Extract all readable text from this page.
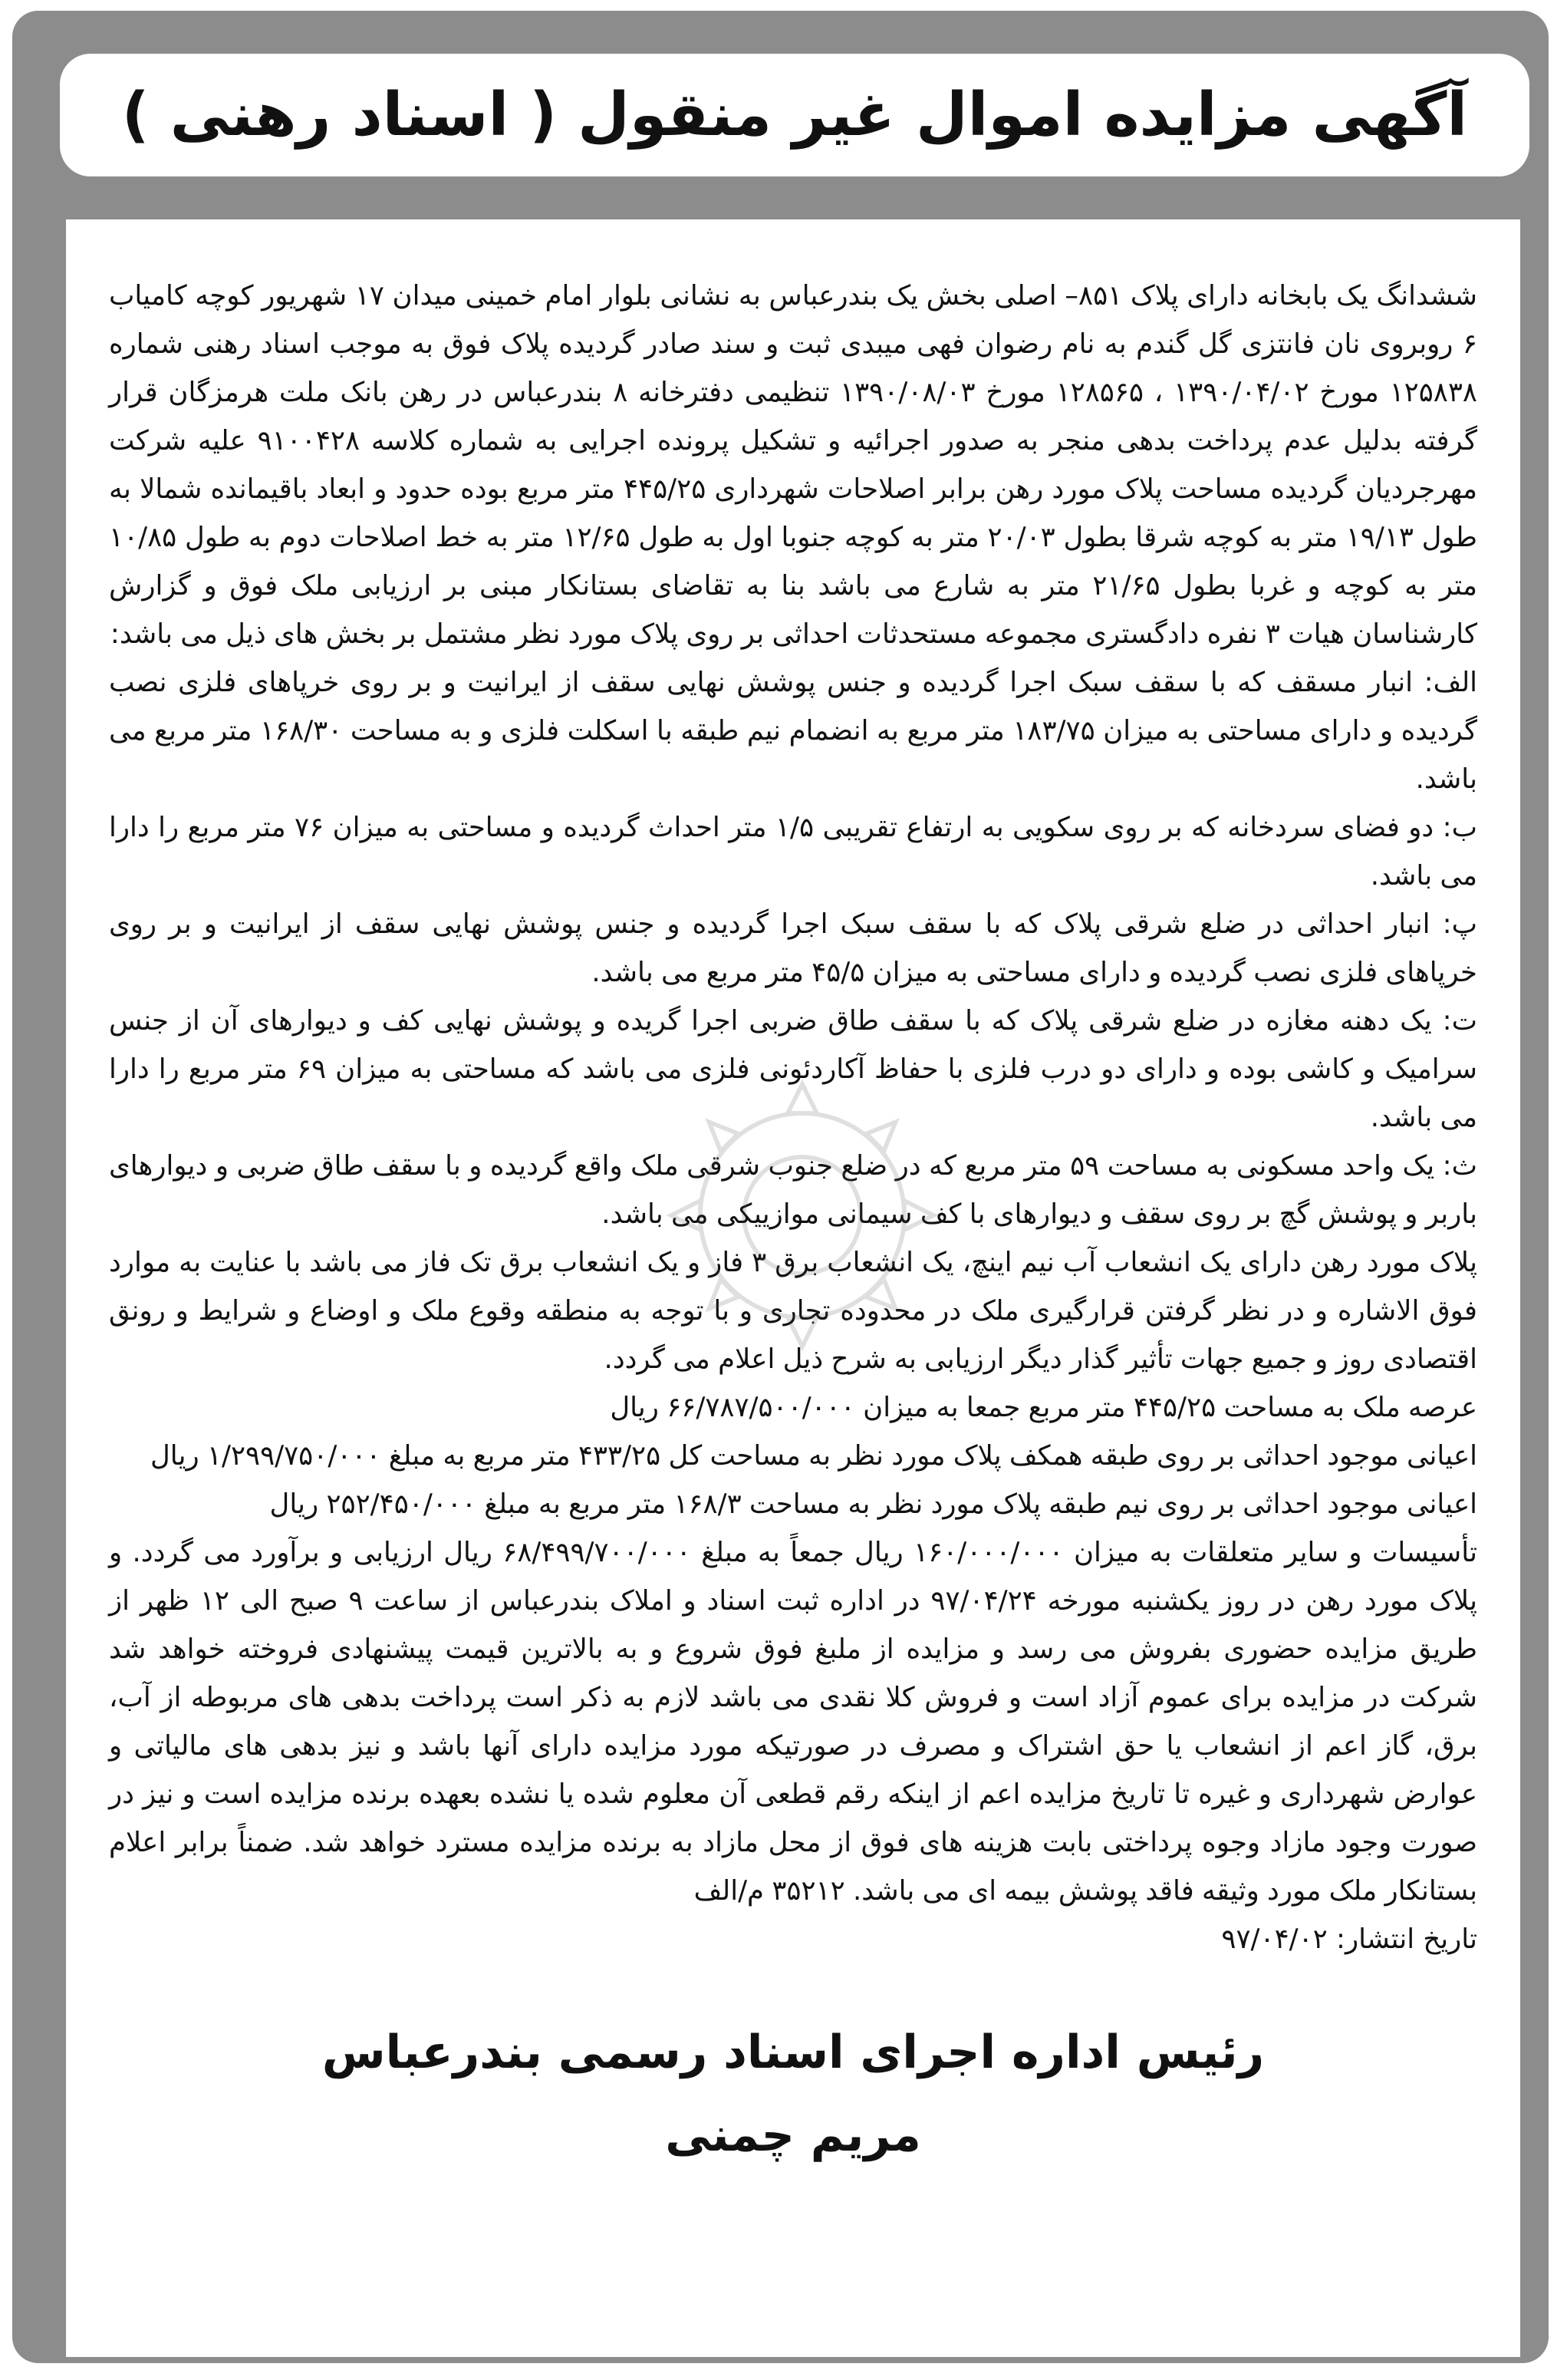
آگهی مزایده اموال غیر منقول ( اسناد رهنی )

ششدانگ یک بابخانه دارای پلاک ۸۵۱– اصلی بخش یک بندرعباس به نشانی بلوار امام خمینی میدان ۱۷ شهریور کوچه کامیاب ۶ روبروی نان فانتزی گل گندم به نام رضوان فهی میبدی ثبت و سند صادر گردیده پلاک فوق به موجب اسناد رهنی شماره ۱۲۵۸۳۸ مورخ ۱۳۹۰/۰۴/۰۲ ، ۱۲۸۵۶۵ مورخ ۱۳۹۰/۰۸/۰۳ تنظیمی دفترخانه ۸ بندرعباس در رهن بانک ملت هرمزگان قرار گرفته بدلیل عدم پرداخت بدهی منجر به صدور اجرائیه و تشکیل پرونده اجرایی به شماره کلاسه ۹۱۰۰۴۲۸ علیه شرکت مهرجردیان گردیده مساحت پلاک مورد رهن برابر اصلاحات شهرداری ۴۴۵/۲۵ متر مربع بوده حدود و ابعاد باقیمانده شمالا به طول ۱۹/۱۳ متر به کوچه شرقا بطول ۲۰/۰۳ متر به کوچه جنوبا اول به طول ۱۲/۶۵ متر به خط اصلاحات دوم به طول ۱۰/۸۵ متر به کوچه و غربا بطول ۲۱/۶۵ متر به شارع می باشد بنا به تقاضای بستانکار مبنی بر ارزیابی ملک فوق و گزارش کارشناسان هیات ۳ نفره دادگستری مجموعه مستحدثات احداثی بر روی پلاک مورد نظر مشتمل بر بخش های ذیل می باشد:

الف: انبار مسقف که با سقف سبک اجرا گردیده و جنس پوشش نهایی سقف از ایرانیت و بر روی خرپاهای فلزی نصب گردیده و دارای مساحتی به میزان ۱۸۳/۷۵ متر مربع به انضمام نیم طبقه با اسکلت فلزی و به مساحت ۱۶۸/۳۰ متر مربع می باشد.

ب: دو فضای سردخانه که بر روی سکویی به ارتفاع تقریبی ۱/۵ متر احداث گردیده و مساحتی به میزان ۷۶ متر مربع را دارا می باشد.

پ: انبار احداثی در ضلع شرقی پلاک که با سقف سبک اجرا گردیده و جنس پوشش نهایی سقف از ایرانیت و بر روی خرپاهای فلزی نصب گردیده و دارای مساحتی به میزان ۴۵/۵ متر مربع می باشد.

ت: یک دهنه مغازه در ضلع شرقی پلاک که با سقف طاق ضربی اجرا گریده و پوشش نهایی کف و دیوارهای آن از جنس سرامیک و کاشی بوده و دارای دو درب فلزی با حفاظ آکاردئونی فلزی می باشد که مساحتی به میزان ۶۹ متر مربع را دارا می باشد.

ث: یک واحد مسکونی به مساحت ۵۹ متر مربع که در ضلع جنوب شرقی ملک واقع گردیده و با سقف طاق ضربی و دیوارهای باربر و پوشش گچ بر روی سقف و دیوارهای با کف سیمانی موازییکی می باشد.

پلاک مورد رهن دارای یک انشعاب آب نیم اینچ، یک انشعاب برق ۳ فاز و یک انشعاب برق تک فاز می باشد با عنایت به موارد فوق الاشاره و در نظر گرفتن قرارگیری ملک در محدوده تجاری و با توجه به منطقه وقوع ملک و اوضاع و شرایط و رونق اقتصادی روز و جمیع جهات تأثیر گذار دیگر ارزیابی به شرح ذیل اعلام می گردد.

عرصه ملک به مساحت ۴۴۵/۲۵ متر مربع جمعا به میزان ۶۶/۷۸۷/۵۰۰/۰۰۰ ریال

اعیانی موجود احداثی بر روی طبقه همکف پلاک مورد نظر به مساحت کل ۴۳۳/۲۵ متر مربع به مبلغ ۱/۲۹۹/۷۵۰/۰۰۰ ریال

اعیانی موجود احداثی بر روی نیم طبقه پلاک مورد نظر به مساحت ۱۶۸/۳ متر مربع به مبلغ ۲۵۲/۴۵۰/۰۰۰ ریال

تأسیسات و سایر متعلقات به میزان ۱۶۰/۰۰۰/۰۰۰ ریال جمعاً به مبلغ ۶۸/۴۹۹/۷۰۰/۰۰۰ ریال ارزیابی و برآورد می گردد. و پلاک مورد رهن در روز یکشنبه مورخه ۹۷/۰۴/۲۴ در اداره ثبت اسناد و املاک بندرعباس از ساعت ۹ صبح الی ۱۲ ظهر از طریق مزایده حضوری بفروش می رسد و مزایده از ملبغ فوق شروع و به بالاترین قیمت پیشنهادی فروخته خواهد شد شرکت در مزایده برای عموم آزاد است و فروش کلا نقدی می باشد لازم به ذکر است پرداخت بدهی های مربوطه از آب، برق، گاز اعم از انشعاب یا حق اشتراک و مصرف در صورتیکه مورد مزایده دارای آنها باشد و نیز بدهی های مالیاتی و عوارض شهرداری و غیره تا تاریخ مزایده اعم از اینکه رقم قطعی آن معلوم شده یا نشده بعهده برنده مزایده است و نیز در صورت وجود مازاد وجوه پرداختی بابت هزینه های فوق از محل مازاد به برنده مزایده مسترد خواهد شد. ضمناً برابر اعلام بستانکار ملک مورد وثیقه فاقد پوشش بیمه ای می باشد. ۳۵۲۱۲ م/الف

تاریخ انتشار: ۹۷/۰۴/۰۲

رئیس اداره اجرای اسناد رسمی بندرعباس
مریم چمنی
